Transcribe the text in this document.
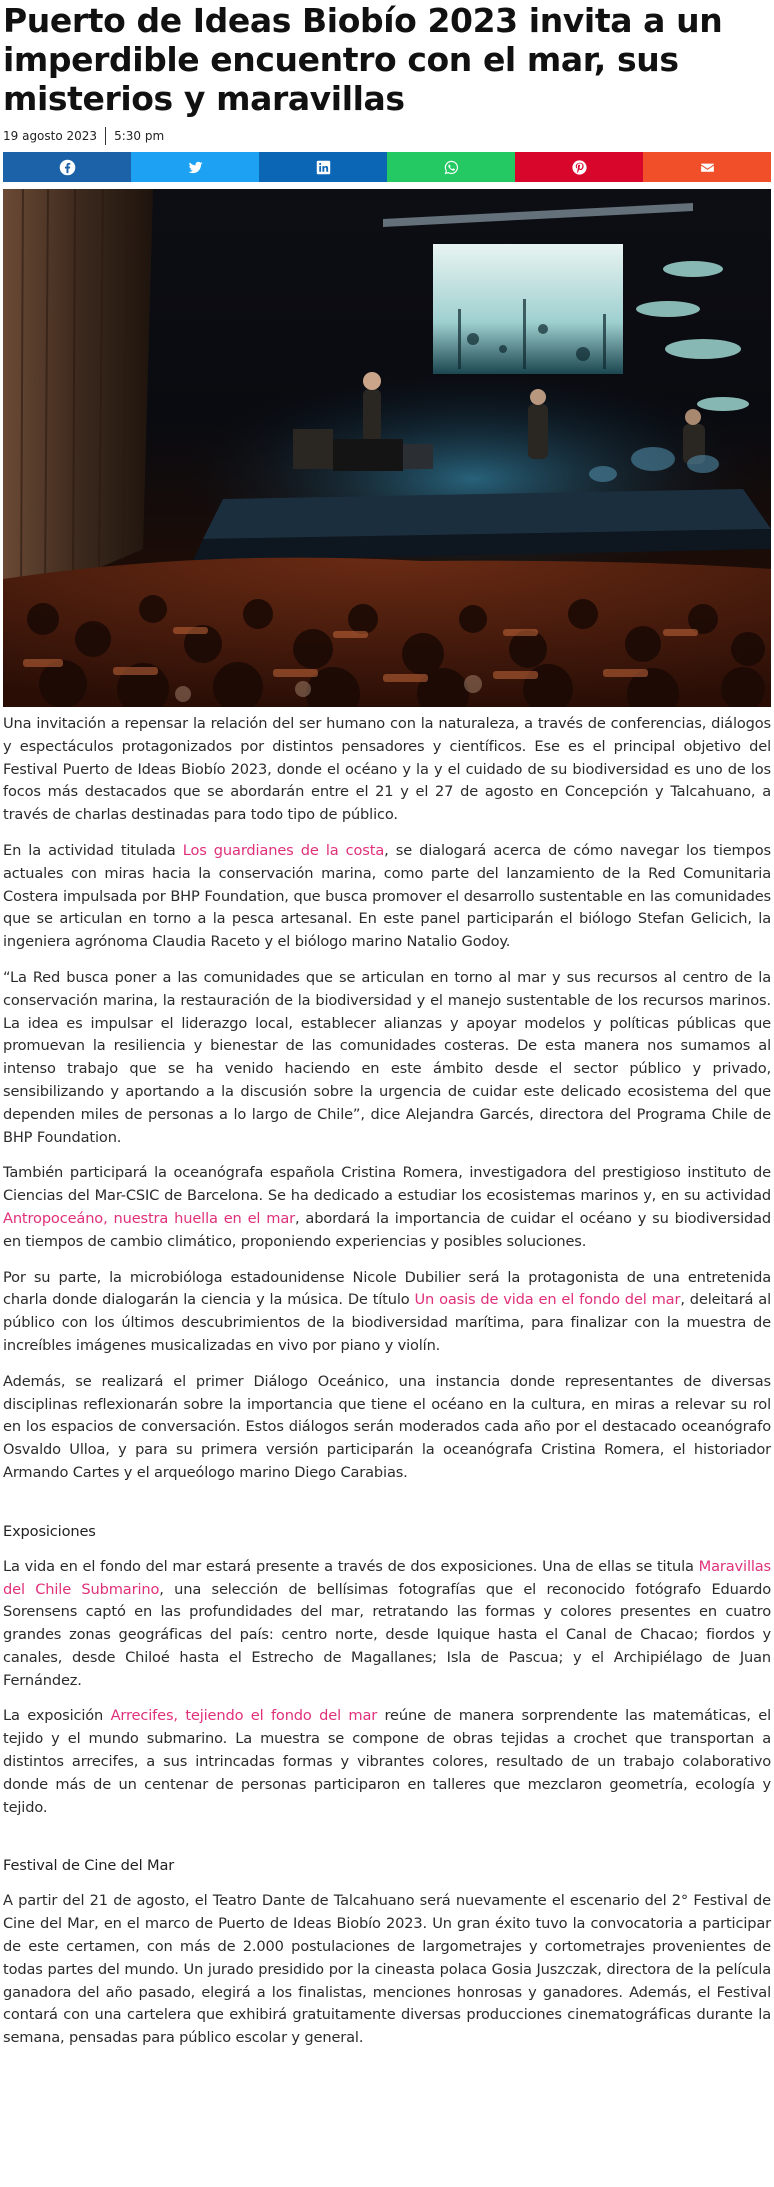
Puerto de Ideas Biobío 2023 invita a un imperdible encuentro con el mar, sus misterios y maravillas
19 agosto 2023 5:30 pm

Una invitación a repensar la relación del ser humano con la naturaleza, a través de conferencias, diálogos y espectáculos protagonizados por distintos pensadores y científicos. Ese es el principal objetivo del Festival Puerto de Ideas Biobío 2023, donde el océano y la y el cuidado de su biodiversidad es uno de los focos más destacados que se abordarán entre el 21 y el 27 de agosto en Concepción y Talcahuano, a través de charlas destinadas para todo tipo de público.

En la actividad titulada Los guardianes de la costa, se dialogará acerca de cómo navegar los tiempos actuales con miras hacia la conservación marina, como parte del lanzamiento de la Red Comunitaria Costera impulsada por BHP Foundation, que busca promover el desarrollo sustentable en las comunidades que se articulan en torno a la pesca artesanal. En este panel participarán el biólogo Stefan Gelicich, la ingeniera agrónoma Claudia Raceto y el biólogo marino Natalio Godoy.

“La Red busca poner a las comunidades que se articulan en torno al mar y sus recursos al centro de la conservación marina, la restauración de la biodiversidad y el manejo sustentable de los recursos marinos. La idea es impulsar el liderazgo local, establecer alianzas y apoyar modelos y políticas públicas que promuevan la resiliencia y bienestar de las comunidades costeras. De esta manera nos sumamos al intenso trabajo que se ha venido haciendo en este ámbito desde el sector público y privado, sensibilizando y aportando a la discusión sobre la urgencia de cuidar este delicado ecosistema del que dependen miles de personas a lo largo de Chile”, dice Alejandra Garcés, directora del Programa Chile de BHP Foundation.

También participará la oceanógrafa española Cristina Romera, investigadora del prestigioso instituto de Ciencias del Mar-CSIC de Barcelona. Se ha dedicado a estudiar los ecosistemas marinos y, en su actividad Antropoceáno, nuestra huella en el mar, abordará la importancia de cuidar el océano y su biodiversidad en tiempos de cambio climático, proponiendo experiencias y posibles soluciones.

Por su parte, la microbióloga estadounidense Nicole Dubilier será la protagonista de una entretenida charla donde dialogarán la ciencia y la música. De título Un oasis de vida en el fondo del mar, deleitará al público con los últimos descubrimientos de la biodiversidad marítima, para finalizar con la muestra de increíbles imágenes musicalizadas en vivo por piano y violín.

Además, se realizará el primer Diálogo Oceánico, una instancia donde representantes de diversas disciplinas reflexionarán sobre la importancia que tiene el océano en la cultura, en miras a relevar su rol en los espacios de conversación. Estos diálogos serán moderados cada año por el destacado oceanógrafo Osvaldo Ulloa, y para su primera versión participarán la oceanógrafa Cristina Romera, el historiador Armando Cartes y el arqueólogo marino Diego Carabias.

Exposiciones

La vida en el fondo del mar estará presente a través de dos exposiciones. Una de ellas se titula Maravillas del Chile Submarino, una selección de bellísimas fotografías que el reconocido fotógrafo Eduardo Sorensens captó en las profundidades del mar, retratando las formas y colores presentes en cuatro grandes zonas geográficas del país: centro norte, desde Iquique hasta el Canal de Chacao; fiordos y canales, desde Chiloé hasta el Estrecho de Magallanes; Isla de Pascua; y el Archipiélago de Juan Fernández.

La exposición Arrecifes, tejiendo el fondo del mar reúne de manera sorprendente las matemáticas, el tejido y el mundo submarino. La muestra se compone de obras tejidas a crochet que transportan a distintos arrecifes, a sus intrincadas formas y vibrantes colores, resultado de un trabajo colaborativo donde más de un centenar de personas participaron en talleres que mezclaron geometría, ecología y tejido.

Festival de Cine del Mar

A partir del 21 de agosto, el Teatro Dante de Talcahuano será nuevamente el escenario del 2° Festival de Cine del Mar, en el marco de Puerto de Ideas Biobío 2023. Un gran éxito tuvo la convocatoria a participar de este certamen, con más de 2.000 postulaciones de largometrajes y cortometrajes provenientes de todas partes del mundo. Un jurado presidido por la cineasta polaca Gosia Juszczak, directora de la película ganadora del año pasado, elegirá a los finalistas, menciones honrosas y ganadores. Además, el Festival contará con una cartelera que exhibirá gratuitamente diversas producciones cinematográficas durante la semana, pensadas para público escolar y general.
